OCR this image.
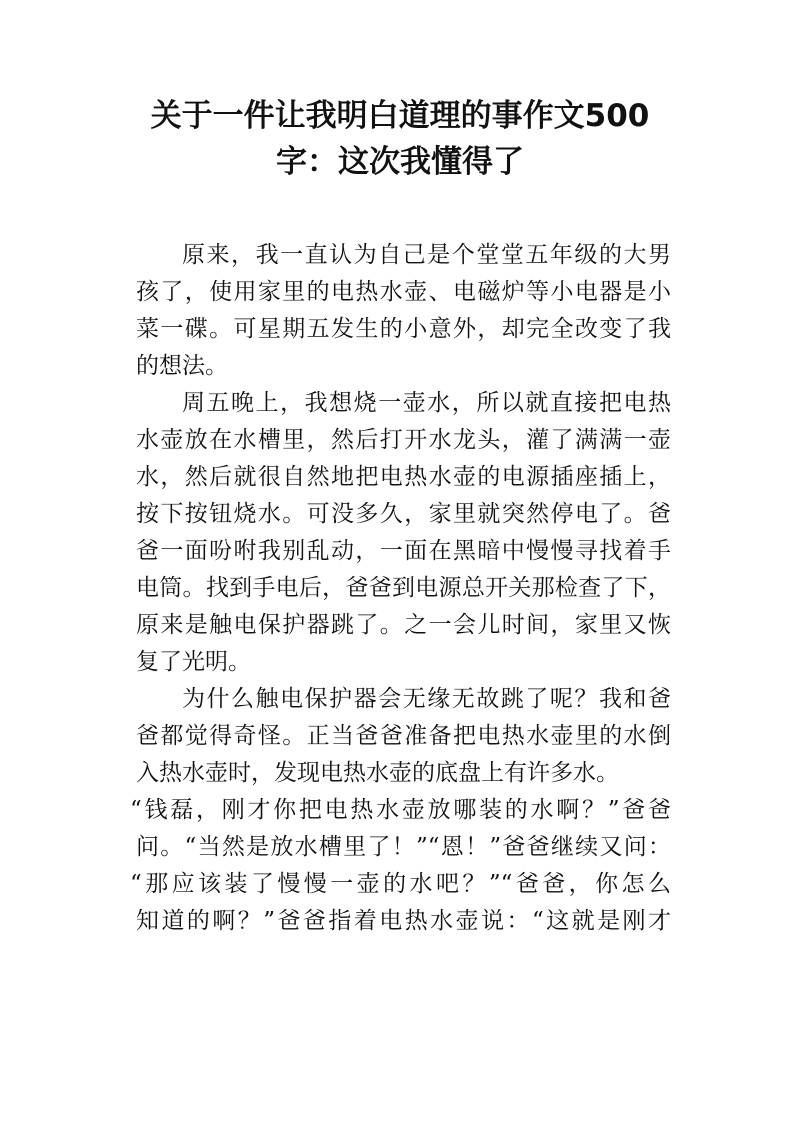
关于一件让我明白道理的事作文500
字：这次我懂得了
原来，我一直认为自己是个堂堂五年级的大男
孩了，使用家里的电热水壶、电磁炉等小电器是小
菜一碟。可星期五发生的小意外，却完全改变了我
的想法。
周五晚上，我想烧一壶水，所以就直接把电热
水壶放在水槽里，然后打开水龙头，灌了满满一壶
水，然后就很自然地把电热水壶的电源插座插上，
按下按钮烧水。可没多久，家里就突然停电了。爸
爸一面吩咐我别乱动，一面在黑暗中慢慢寻找着手
电筒。找到手电后，爸爸到电源总开关那检查了下，
原来是触电保护器跳了。之一会儿时间，家里又恢
复了光明。
为什么触电保护器会无缘无故跳了呢？我和爸
爸都觉得奇怪。正当爸爸准备把电热水壶里的水倒
入热水壶时，发现电热水壶的底盘上有许多水。
“钱磊，刚才你把电热水壶放哪装的水啊？”爸爸
问。“当然是放水槽里了！”“恩！”爸爸继续又问：
“那应该装了慢慢一壶的水吧？”“爸爸，你怎么
知道的啊？”爸爸指着电热水壶说：“这就是刚才
